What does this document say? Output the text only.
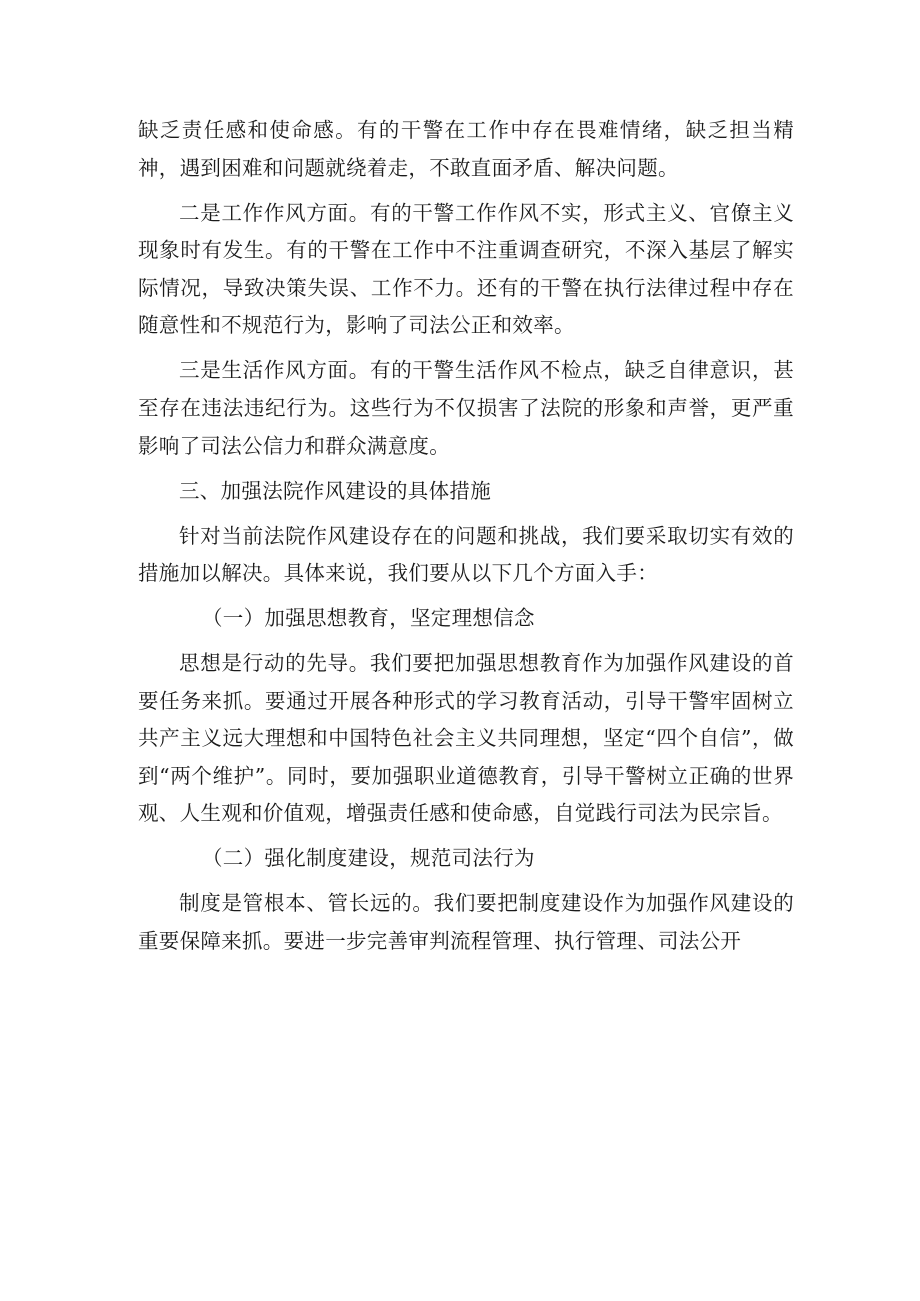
缺乏责任感和使命感。有的干警在工作中存在畏难情绪，缺乏担当精神，遇到困难和问题就绕着走，不敢直面矛盾、解决问题。

二是工作作风方面。有的干警工作作风不实，形式主义、官僚主义现象时有发生。有的干警在工作中不注重调查研究，不深入基层了解实际情况，导致决策失误、工作不力。还有的干警在执行法律过程中存在随意性和不规范行为，影响了司法公正和效率。

三是生活作风方面。有的干警生活作风不检点，缺乏自律意识，甚至存在违法违纪行为。这些行为不仅损害了法院的形象和声誉，更严重影响了司法公信力和群众满意度。

三、加强法院作风建设的具体措施

针对当前法院作风建设存在的问题和挑战，我们要采取切实有效的措施加以解决。具体来说，我们要从以下几个方面入手：

（一）加强思想教育，坚定理想信念

思想是行动的先导。我们要把加强思想教育作为加强作风建设的首要任务来抓。要通过开展各种形式的学习教育活动，引导干警牢固树立共产主义远大理想和中国特色社会主义共同理想，坚定“四个自信”，做到“两个维护”。同时，要加强职业道德教育，引导干警树立正确的世界观、人生观和价值观，增强责任感和使命感，自觉践行司法为民宗旨。

（二）强化制度建设，规范司法行为

制度是管根本、管长远的。我们要把制度建设作为加强作风建设的重要保障来抓。要进一步完善审判流程管理、执行管理、司法公开
